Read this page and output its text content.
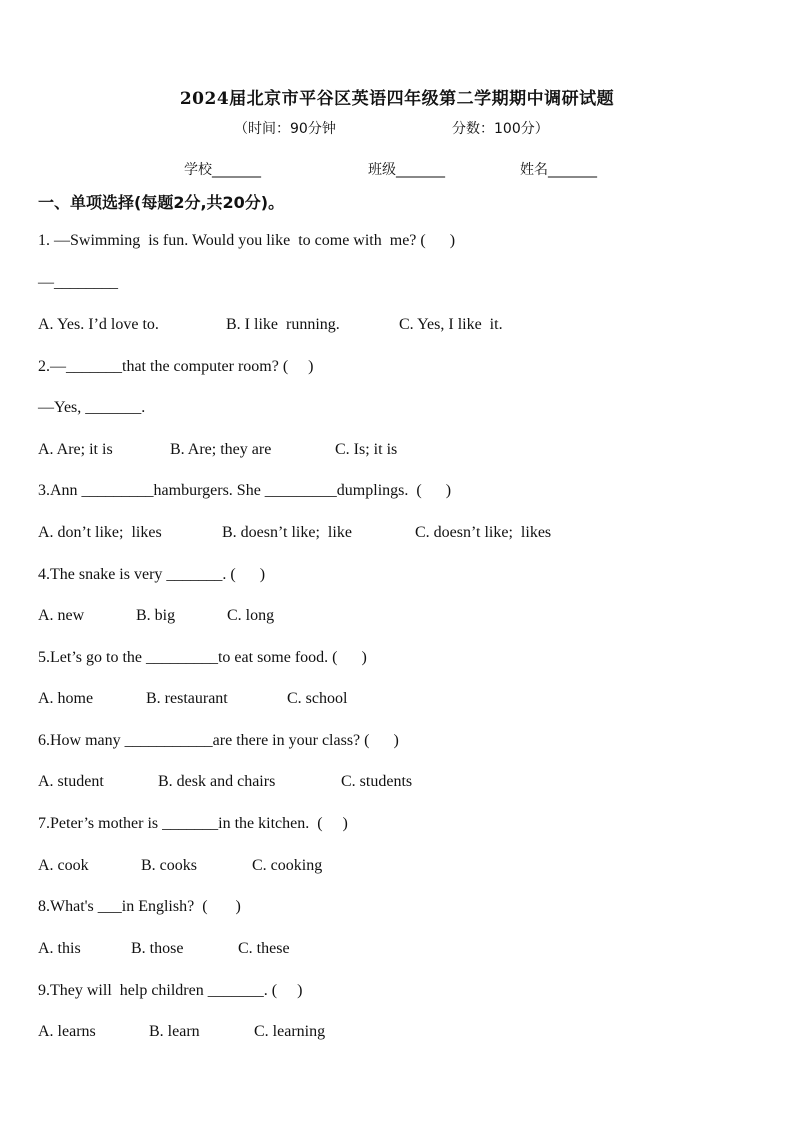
2024届北京市平谷区英语四年级第二学期期中调研试题
（时间：90分钟	分数：100分）
学校_______	班级_______	姓名_______
一、单项选择(每题2分,共20分)。
1. —Swimming  is fun. Would you like  to come with  me? (      )
—________
A. Yes. I’d love to.	B. I like  running.	C. Yes, I like  it.
2.—_______that the computer room? (     )
—Yes, _______.
A. Are; it is	B. Are; they are	C. Is; it is
3.Ann _________hamburgers. She _________dumplings.  (      )
A. don’t like;  likes	B. doesn’t like;  like	C. doesn’t like;  likes
4.The snake is very _______. (      )
A. new	B. big	C. long
5.Let’s go to the _________to eat some food. (      )
A. home	B. restaurant	C. school
6.How many ___________are there in your class? (      )
A. student	B. desk and chairs	C. students
7.Peter’s mother is _______in the kitchen.  (     )
A. cook	B. cooks	C. cooking
8.What's ___in English?  (       )
A. this	B. those	C. these
9.They will  help children _______. (     )
A. learns	B. learn	C. learning
